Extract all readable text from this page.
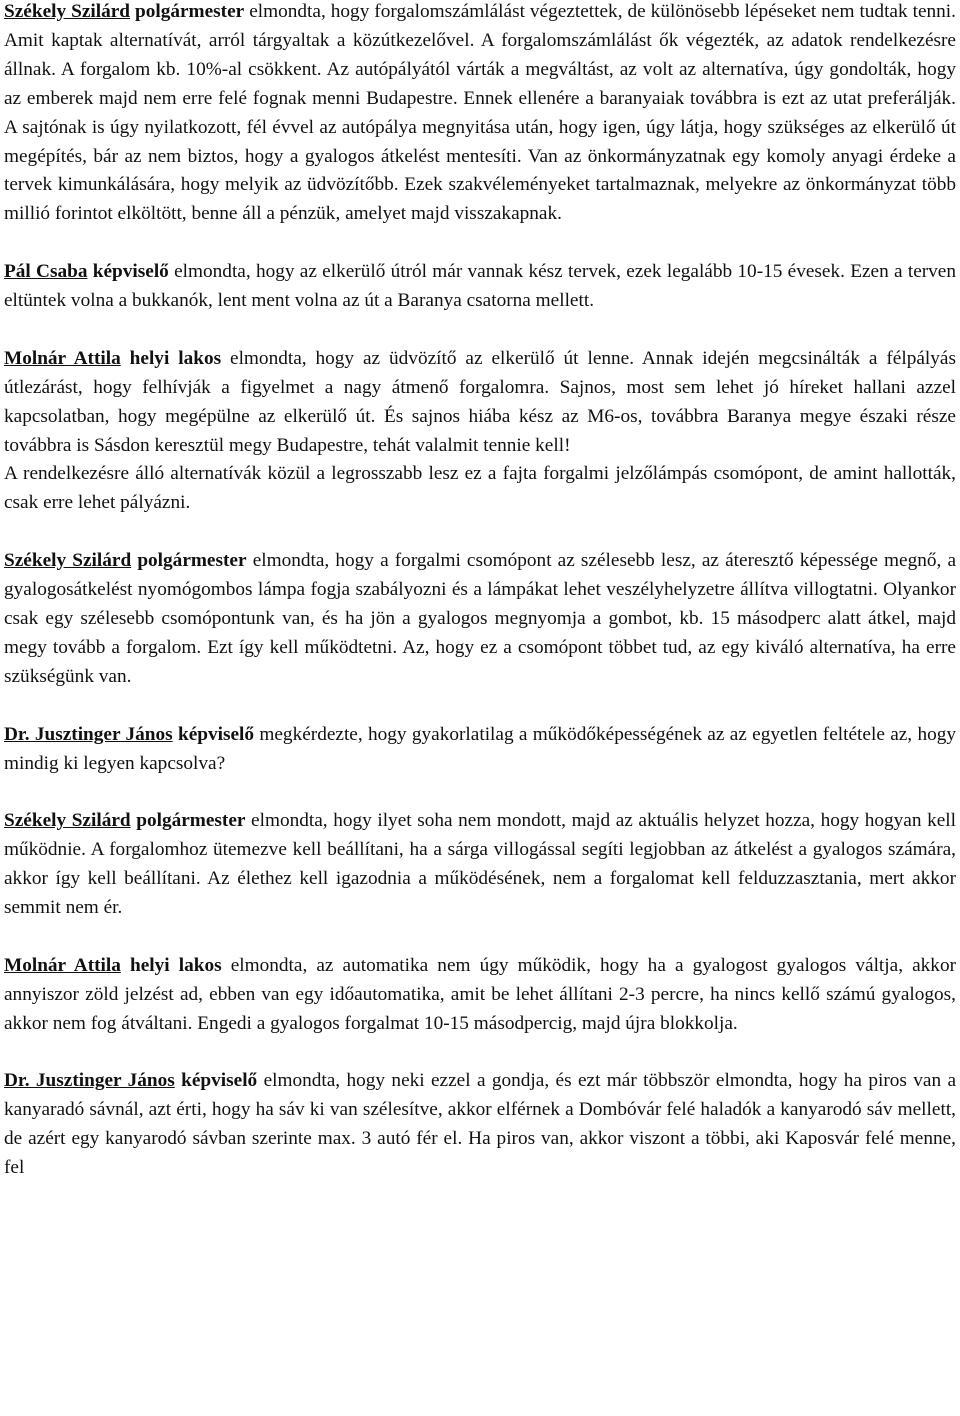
Székely Szilárd polgármester elmondta, hogy forgalomszámlálást végeztettek, de különösebb lépéseket nem tudtak tenni. Amit kaptak alternatívát, arról tárgyaltak a közútkezelővel. A forgalomszámlálást ők végezték, az adatok rendelkezésre állnak. A forgalom kb. 10%-al csökkent. Az autópályától várták a megváltást, az volt az alternatíva, úgy gondolták, hogy az emberek majd nem erre felé fognak menni Budapestre. Ennek ellenére a baranyaiak továbbra is ezt az utat preferálják. A sajtónak is úgy nyilatkozott, fél évvel az autópálya megnyitása után, hogy igen, úgy látja, hogy szükséges az elkerülő út megépítés, bár az nem biztos, hogy a gyalogos átkelést mentesíti. Van az önkormányzatnak egy komoly anyagi érdeke a tervek kimunkálására, hogy melyik az üdvözítőbb. Ezek szakvéleményeket tartalmaznak, melyekre az önkormányzat több millió forintot elköltött, benne áll a pénzük, amelyet majd visszakapnak.

Pál Csaba képviselő elmondta, hogy az elkerülő útról már vannak kész tervek, ezek legalább 10-15 évesek. Ezen a terven eltüntek volna a bukkanók, lent ment volna az út a Baranya csatorna mellett.

Molnár Attila helyi lakos elmondta, hogy az üdvözítő az elkerülő út lenne. Annak idején megcsinálták a félpályás útlezárást, hogy felhívják a figyelmet a nagy átmenő forgalomra. Sajnos, most sem lehet jó híreket hallani azzel kapcsolatban, hogy megépülne az elkerülő út. És sajnos hiába kész az M6-os, továbbra Baranya megye északi része továbbra is Sásdon keresztül megy Budapestre, tehát valalmit tennie kell!

A rendelkezésre álló alternatívák közül a legrosszabb lesz ez a fajta forgalmi jelzőlámpás csomópont, de amint hallották, csak erre lehet pályázni.

Székely Szilárd polgármester elmondta, hogy a forgalmi csomópont az szélesebb lesz, az áteresztő képessége megnő, a gyalogosátkelést nyomógombos lámpa fogja szabályozni és a lámpákat lehet veszélyhelyzetre állítva villogtatni. Olyankor csak egy szélesebb csomópontunk van, és ha jön a gyalogos megnyomja a gombot, kb. 15 másodperc alatt átkel, majd megy tovább a forgalom. Ezt így kell működtetni. Az, hogy ez a csomópont többet tud, az egy kiváló alternatíva, ha erre szükségünk van.

Dr. Jusztinger János képviselő megkérdezte, hogy gyakorlatilag a működőképességének az az egyetlen feltétele az, hogy mindig ki legyen kapcsolva?

Székely Szilárd polgármester elmondta, hogy ilyet soha nem mondott, majd az aktuális helyzet hozza, hogy hogyan kell működnie. A forgalomhoz ütemezve kell beállítani, ha a sárga villogással segíti legjobban az átkelést a gyalogos számára, akkor így kell beállítani. Az élethez kell igazodnia a működésének, nem a forgalomat kell felduzzasztania, mert akkor semmit nem ér.

Molnár Attila helyi lakos elmondta, az automatika nem úgy működik, hogy ha a gyalogost gyalogos váltja, akkor annyiszor zöld jelzést ad, ebben van egy időautomatika, amit be lehet állítani 2-3 percre, ha nincs kellő számú gyalogos, akkor nem fog átváltani. Engedi a gyalogos forgalmat 10-15 másodpercig, majd újra blokkolja.

Dr. Jusztinger János képviselő elmondta, hogy neki ezzel a gondja, és ezt már többször elmondta, hogy ha piros van a kanyaradó sávnál, azt érti, hogy ha sáv ki van szélesítve, akkor elférnek a Dombóvár felé haladók a kanyarodó sáv mellett, de azért egy kanyarodó sávban szerinte max. 3 autó fér el. Ha piros van, akkor viszont a többi, aki Kaposvár felé menne, fel
